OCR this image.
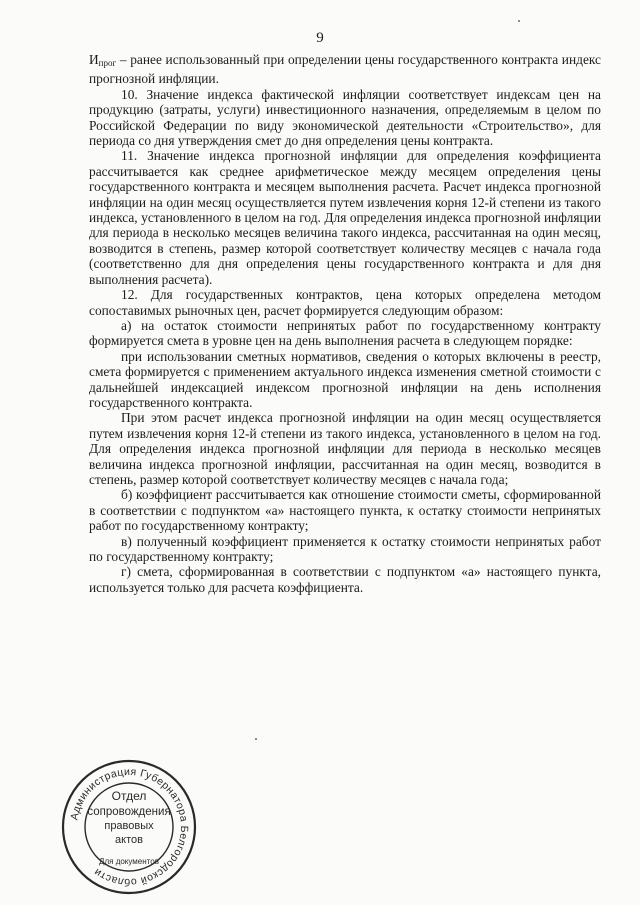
9

$И_{прог}$ – ранее использованный при определении цены государственного контракта индекс прогнозной инфляции.

10. Значение индекса фактической инфляции соответствует индексам цен на продукцию (затраты, услуги) инвестиционного назначения, определяемым в целом по Российской Федерации по виду экономической деятельности «Строительство», для периода со дня утверждения смет до дня определения цены контракта.

11. Значение индекса прогнозной инфляции для определения коэффициента рассчитывается как среднее арифметическое между месяцем определения цены государственного контракта и месяцем выполнения расчета. Расчет индекса прогнозной инфляции на один месяц осуществляется путем извлечения корня 12-й степени из такого индекса, установленного в целом на год. Для определения индекса прогнозной инфляции для периода в несколько месяцев величина такого индекса, рассчитанная на один месяц, возводится в степень, размер которой соответствует количеству месяцев с начала года (соответственно для дня определения цены государственного контракта и для дня выполнения расчета).

12. Для государственных контрактов, цена которых определена методом сопоставимых рыночных цен, расчет формируется следующим образом:

а) на остаток стоимости непринятых работ по государственному контракту формируется смета в уровне цен на день выполнения расчета в следующем порядке:

при использовании сметных нормативов, сведения о которых включены в реестр, смета формируется с применением актуального индекса изменения сметной стоимости с дальнейшей индексацией индексом прогнозной инфляции на день исполнения государственного контракта.

При этом расчет индекса прогнозной инфляции на один месяц осуществляется путем извлечения корня 12-й степени из такого индекса, установленного в целом на год. Для определения индекса прогнозной инфляции для периода в несколько месяцев величина индекса прогнозной инфляции, рассчитанная на один месяц, возводится в степень, размер которой соответствует количеству месяцев с начала года;

б) коэффициент рассчитывается как отношение стоимости сметы, сформированной в соответствии с подпунктом «а» настоящего пункта, к остатку стоимости непринятых работ по государственному контракту;

в) полученный коэффициент применяется к остатку стоимости непринятых работ по государственному контракту;

г) смета, сформированная в соответствии с подпунктом «а» настоящего пункта, используется только для расчета коэффициента.

Администрация Губернатора Белгородской области
Отдел
сопровождения
правовых
актов
Для документов
